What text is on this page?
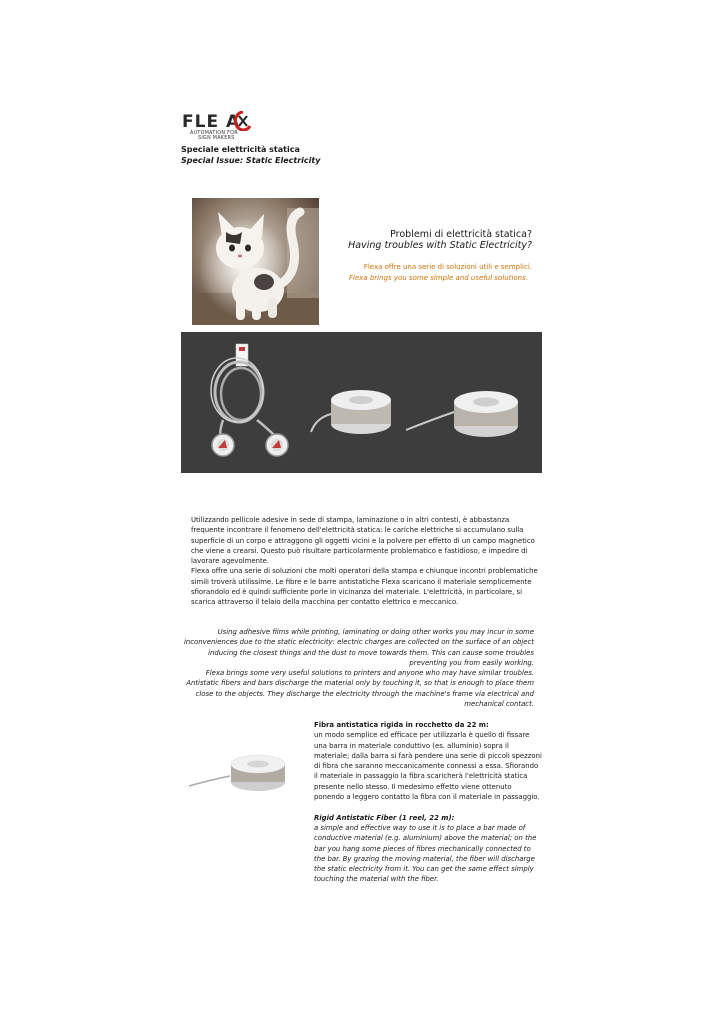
FLE A
AUTOMATION FOR
SIGN MAKERS
Speciale elettricità statica
Special Issue: Static Electricity
Problemi di elettricità statica?
Having troubles with Static Electricity?
Flexa offre una serie di soluzioni utili e semplici.
Flexa brings you some simple and useful solutions.

Utilizzando pellicole adesive in sede di stampa, laminazione o in altri contesti, è abbastanza frequente incontrare il fenomeno dell'elettricità statica: le cariche elettriche si accumulano sulla superficie di un corpo e attraggono gli oggetti vicini e la polvere per effetto di un campo magnetico che viene a crearsi. Questo può risultare particolarmente problematico e fastidioso, e impedire di lavorare agevolmente.

Flexa offre una serie di soluzioni che molti operatori della stampa e chiunque incontri problematiche simili troverà utilissime. Le fibre e le barre antistatiche Flexa scaricano il materiale semplicemente sfiorandolo ed è quindi sufficiente porle in vicinanza del materiale. L'elettricità, in particolare, si scarica attraverso il telaio della macchina per contatto elettrico e meccanico.

Using adhesive films while printing, laminating or doing other works you may incur in some inconveniences due to the static electricity: electric charges are collected on the surface of an object inducing the closest things and the dust to move towards them. This can cause some troubles preventing you from easily working.

Flexa brings some very useful solutions to printers and anyone who may have similar troubles. Antistatic fibers and bars discharge the material only by touching it, so that is enough to place them close to the objects. They discharge the electricity through the machine's frame via electrical and mechanical contact.

Fibra antistatica rigida in rocchetto da 22 m:

un modo semplice ed efficace per utilizzarla è quello di fissare una barra in materiale conduttivo (es. alluminio) sopra il materiale; dalla barra si farà pendere una serie di piccoli spezzoni di fibra che saranno meccanicamente connessi a essa. Sfiorando il materiale in passaggio la fibra scaricherà l'elettricità statica presente nello stesso. Il medesimo effetto viene ottenuto ponendo a leggero contatto la fibra con il materiale in passaggio.

Rigid Antistatic Fiber (1 reel, 22 m):

a simple and effective way to use it is to place a bar made of conductive material (e.g. aluminium) above the material; on the bar you hang some pieces of fibres mechanically connected to the bar. By grazing the moving material, the fiber will discharge the static electricity from it. You can get the same effect simply touching the material with the fiber.
